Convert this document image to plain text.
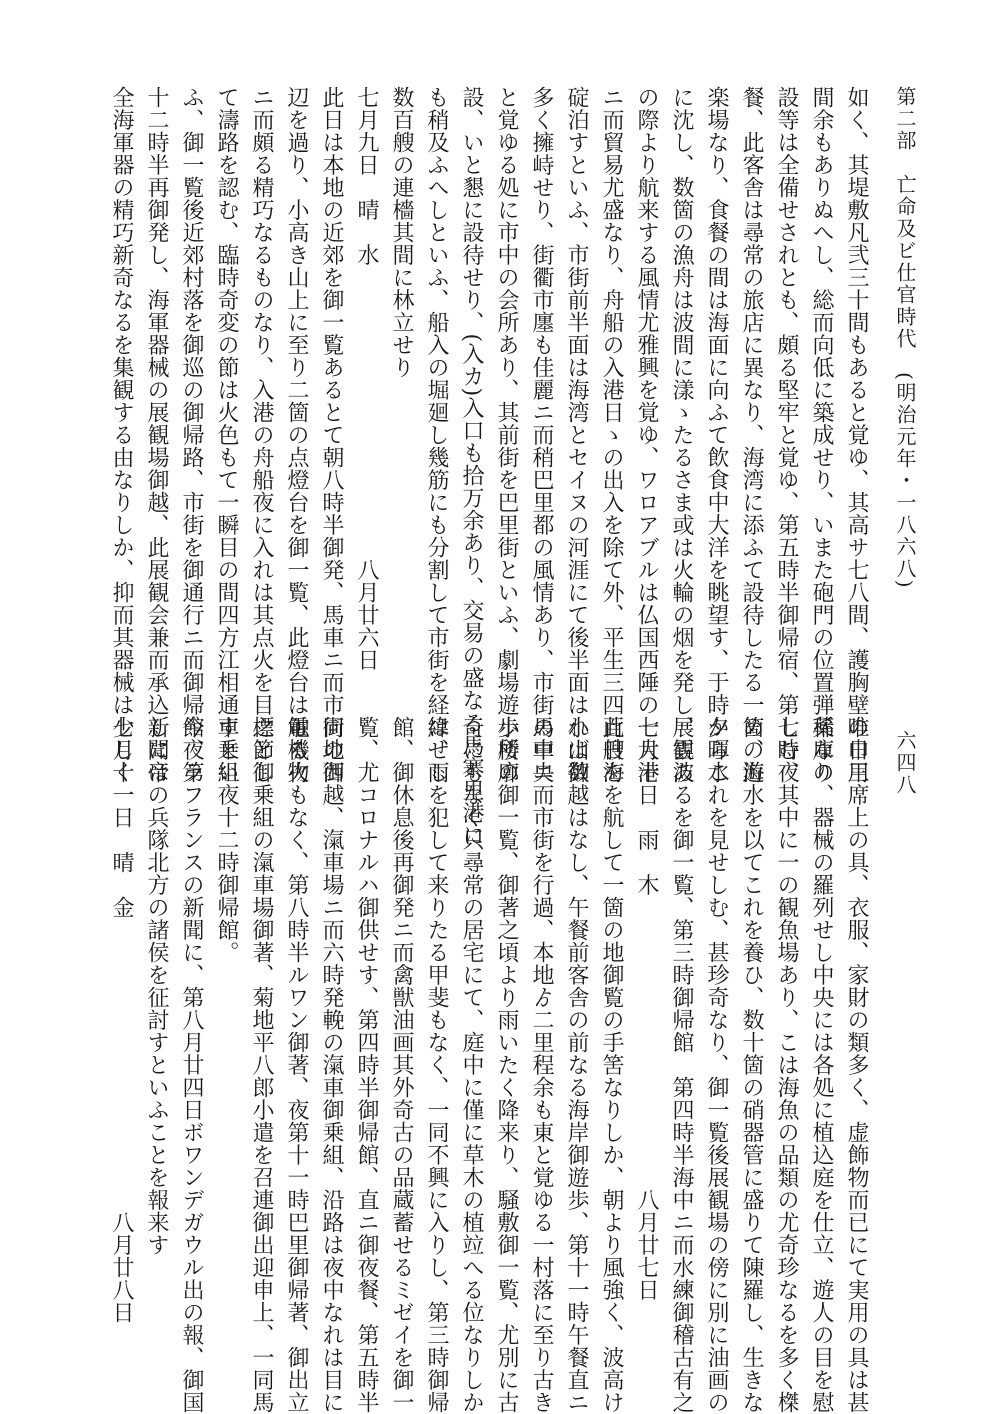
第二部　亡命及ビ仕官時代　(明治元年・一八六八)
如く、其堤敷凡弐三十間もあると覚ゆ、其高サ七八間、護胸壁の巾三
間余もありぬへし、総而向低に築成せり、いまた砲門の位置弾薬庫の
設等は全備せされとも、頗る堅牢と覚ゆ、第五時半御帰宿、第七時夜
餐、此客舎は尋常の旅店に異なり、海湾に添ふて設待したる一箇の遊
楽場なり、食餐の間は海面に向ふて飲食中大洋を眺望す、于時夕暉水
に沈し、数箇の漁舟は波間に漾ゝたるさま或は火輪の烟を発し、雲波
の際より航来する風情尤雅興を覚ゆ、ワロアブルは仏国西陲の一大港
ニ而貿易尤盛なり、舟船の入港日ゝの出入を除て外、平生三四百艘を
碇泊すといふ、市街前半面は海湾とセイヌの河涯にて後半面は小山数
多く擁峙せり、街衢市廛も佳麗ニ而稍巴里都の風情あり、市街の中央
と覚ゆる処に市中の会所あり、其前街を巴里街といふ、劇場遊歩所の
設、いと懇に設待せり、(入カ)入口も拾万余あり、交易の盛なる馬寨里港に
も稍及ふへしといふ、船入の堀廻し幾筋にも分割して市街を経緯せし
数百艘の連檣其間に林立せり
七月九日　晴　水　　　　　　　　　　　　　八月廿六日
此日は本地の近郊を御一覧あるとて朝八時半御発、馬車ニ而市街の西
辺を過り、小高き山上に至り二箇の点燈台を御一覧、此燈台は電機火
ニ而頗る精巧なるものなり、入港の舟船夜に入れは其点火を目標とし
て濤路を認む、臨時奇変の節は火色もて一瞬目の間四方江相通すとい
ふ、御一覧後近郊村落を御巡の御帰路、市街を御通行ニ而御帰館、第
十二時半再御発し、海軍器械の展観場御越、此展観会兼而承込しには
全海軍器の精巧新奇なるを集観する由なりしか、抑而其器械は少しく	六四八
唯日用席上の具、衣服、家財の類多く、虚飾物而已にて実用の具は甚
稀なり、器械の羅列せし中央には各処に植込庭を仕立、遊人の目を慰
しむ、其中に一の観魚場あり、こは海魚の品類の尤奇珍なるを多く榤
め、海水を以てこれを養ひ、数十箇の硝器管に盛りて陳羅し、生きな
からこれを見せしむ、甚珍奇なり、御一覧後展観場の傍に別に油画の
展観あるを御一覧、第三時御帰館　第四時半海中ニ而水練御稽古有之
七月十日　雨　木　　　　　　　　　　　　　八月廿七日
此日海を航して一箇の地御覧の手筈なりしか、朝より風強く、波高け
れば御越はなし、午餐前客舎の前なる海岸御遊歩、第十一時午餐直ニ
馬車ニ而市街を行過、本地ゟ二里程余も東と覚ゆる一村落に至り古き
小楼廓御一覧、御著之頃より雨いたく降来り、騒敷御一覧、尤別に古
奇にもなく只尋常の居宅にて、庭中に僅に草木の植竝へる位なりしか
は、雨を犯して来りたる甲斐もなく、一同不興に入りし、第三時御帰
館、御休息後再御発ニ而禽獣油画其外奇古の品蔵蓄せるミゼイを御一
覧、尤コロナルハ御供せす、第四時半御帰館、直ニ御夜餐、第五時半
同地御越、滊車場ニ而六時発輓の滊車御乗組、沿路は夜中なれは目に
触る物もなく、第八時半ルワン御著、夜第十一時巴里御帰著、御出立
之節御乗組の滊車場御著、菊地平八郎小遣を召連御出迎申上、一同馬
車乗組夜十二時御帰館。
今夜ラフランスの新聞に、第八月廿四日ボワンデガウル出の報、御国
新聞帝の兵隊北方の諸侯を征討すといふことを報来す
七月十一日　晴　金　　　　　　　　　　　　　八月廿八日
